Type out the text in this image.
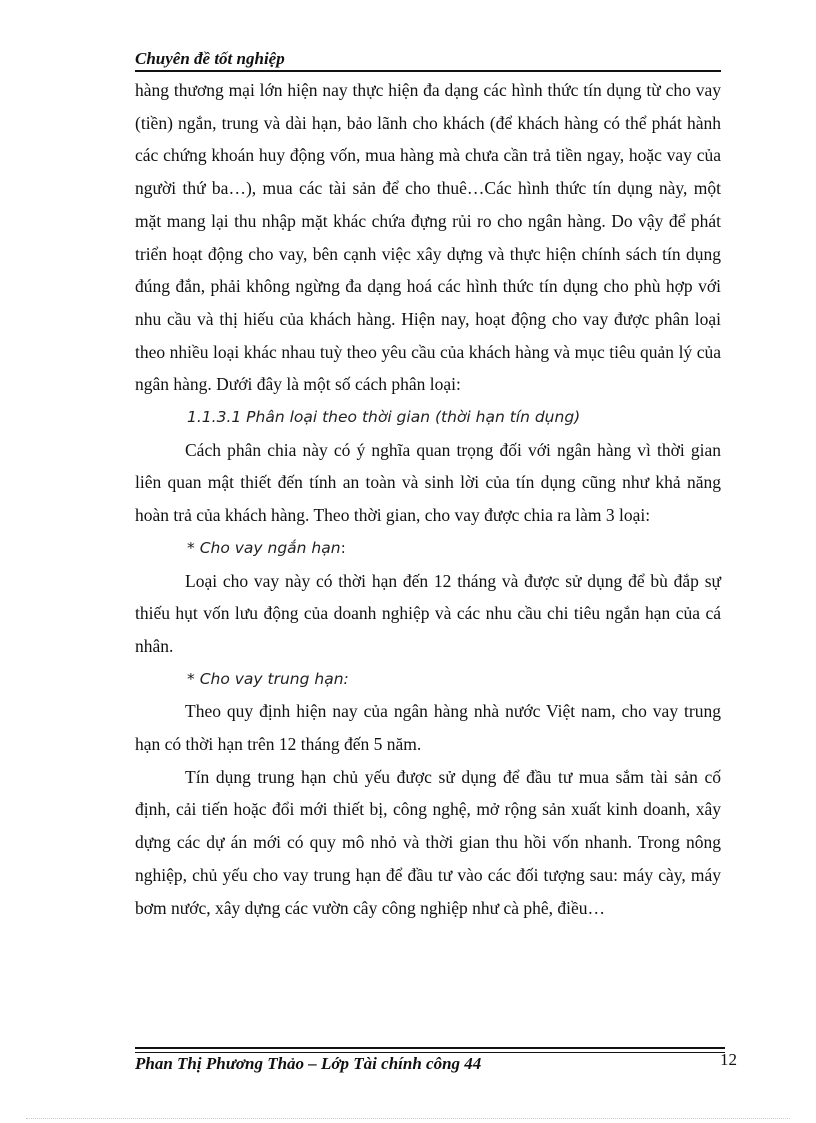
Chuyên đề tốt nghiệp

hàng thương mại lớn hiện nay thực hiện đa dạng các hình thức tín dụng từ cho vay (tiền) ngắn, trung và dài hạn, bảo lãnh cho khách (để khách hàng có thể phát hành các chứng khoán huy động vốn, mua hàng mà chưa cần trả tiền ngay, hoặc vay của người thứ ba…), mua các tài sản để cho thuê…Các hình thức tín dụng này, một mặt mang lại thu nhập mặt khác chứa đựng rủi ro cho ngân hàng. Do vậy để phát triển hoạt động cho vay, bên cạnh việc xây dựng và thực hiện chính sách tín dụng đúng đắn, phải không ngừng đa dạng hoá các hình thức tín dụng cho phù hợp với nhu cầu và thị hiếu của khách hàng. Hiện nay, hoạt động cho vay được phân loại theo nhiều loại khác nhau tuỳ theo yêu cầu của khách hàng và mục tiêu quản lý của ngân hàng. Dưới đây là một số cách phân loại:

1.1.3.1 Phân loại theo thời gian (thời hạn tín dụng)

Cách phân chia này có ý nghĩa quan trọng đối với ngân hàng vì thời gian liên quan mật thiết đến tính an toàn và sinh lời của tín dụng cũng như khả năng hoàn trả của khách hàng. Theo thời gian, cho vay được chia ra làm 3 loại:

* Cho vay ngắn hạn:

Loại cho vay này có thời hạn đến 12 tháng và được sử dụng để bù đắp sự thiếu hụt vốn lưu động của doanh nghiệp và các nhu cầu chi tiêu ngắn hạn của cá nhân.

* Cho vay trung hạn:

Theo quy định hiện nay của ngân hàng nhà nước Việt nam, cho vay trung hạn có thời hạn trên 12 tháng đến 5 năm.

Tín dụng trung hạn chủ yếu được sử dụng để đầu tư mua sắm tài sản cố định, cải tiến hoặc đổi mới thiết bị, công nghệ, mở rộng sản xuất kinh doanh, xây dựng các dự án mới có quy mô nhỏ và thời gian thu hồi vốn nhanh. Trong nông nghiệp, chủ yếu cho vay trung hạn để đầu tư vào các đối tượng sau: máy cày, máy bơm nước, xây dựng các vườn cây công nghiệp như cà phê, điều…

Phan Thị Phương Thảo – Lớp Tài chính công 44	12
